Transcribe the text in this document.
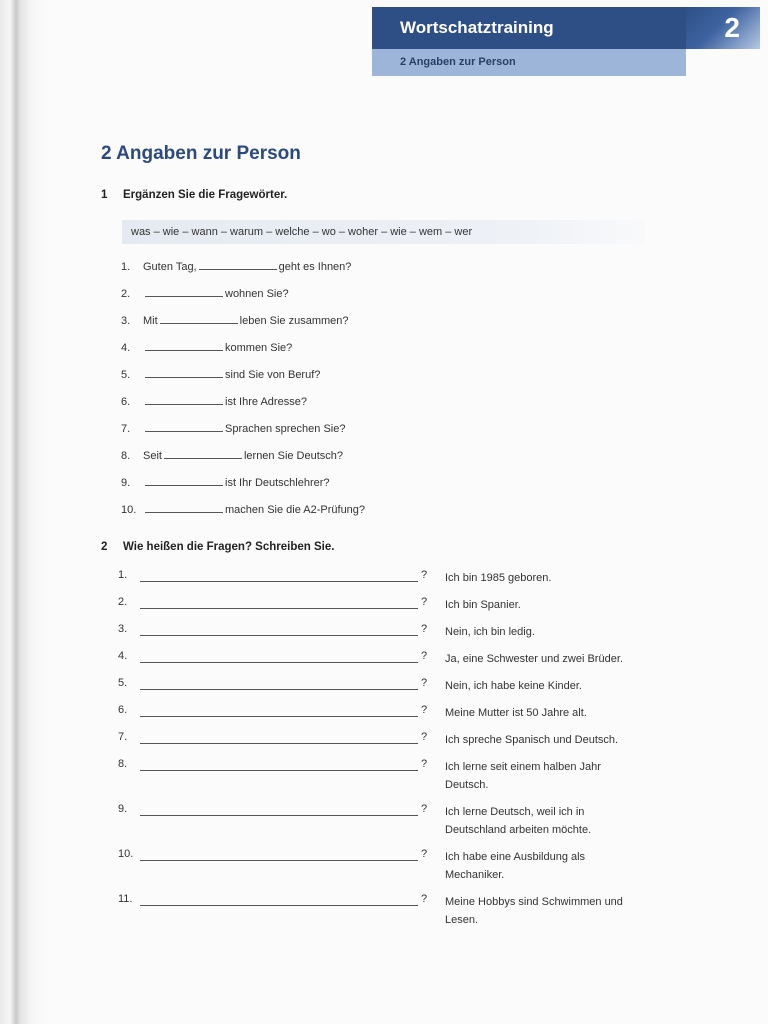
Wortschatztraining
2 Angaben zur Person
2
2 Angaben zur Person
1 Ergänzen Sie die Fragewörter.
was – wie – wann – warum – welche – wo – woher – wie – wem – wer
1. Guten Tag,	geht es Ihnen?
2.	wohnen Sie?
3. Mit	leben Sie zusammen?
4.	kommen Sie?
5.	sind Sie von Beruf?
6.	ist Ihre Adresse?
7.	Sprachen sprechen Sie?
8. Seit	lernen Sie Deutsch?
9.	ist Ihr Deutschlehrer?
10.	machen Sie die A2-Prüfung?
2 Wie heißen die Fragen? Schreiben Sie.
1.	? Ich bin 1985 geboren.
2.	? Ich bin Spanier.
3.	? Nein, ich bin ledig.
4.	? Ja, eine Schwester und zwei Brüder.
5.	? Nein, ich habe keine Kinder.
6.	? Meine Mutter ist 50 Jahre alt.
7.	? Ich spreche Spanisch und Deutsch.
8.	? Ich lerne seit einem halben Jahr Deutsch.
9.	? Ich lerne Deutsch, weil ich in Deutschland arbeiten möchte.
10.	? Ich habe eine Ausbildung als Mechaniker.
11.	? Meine Hobbys sind Schwimmen und Lesen.
